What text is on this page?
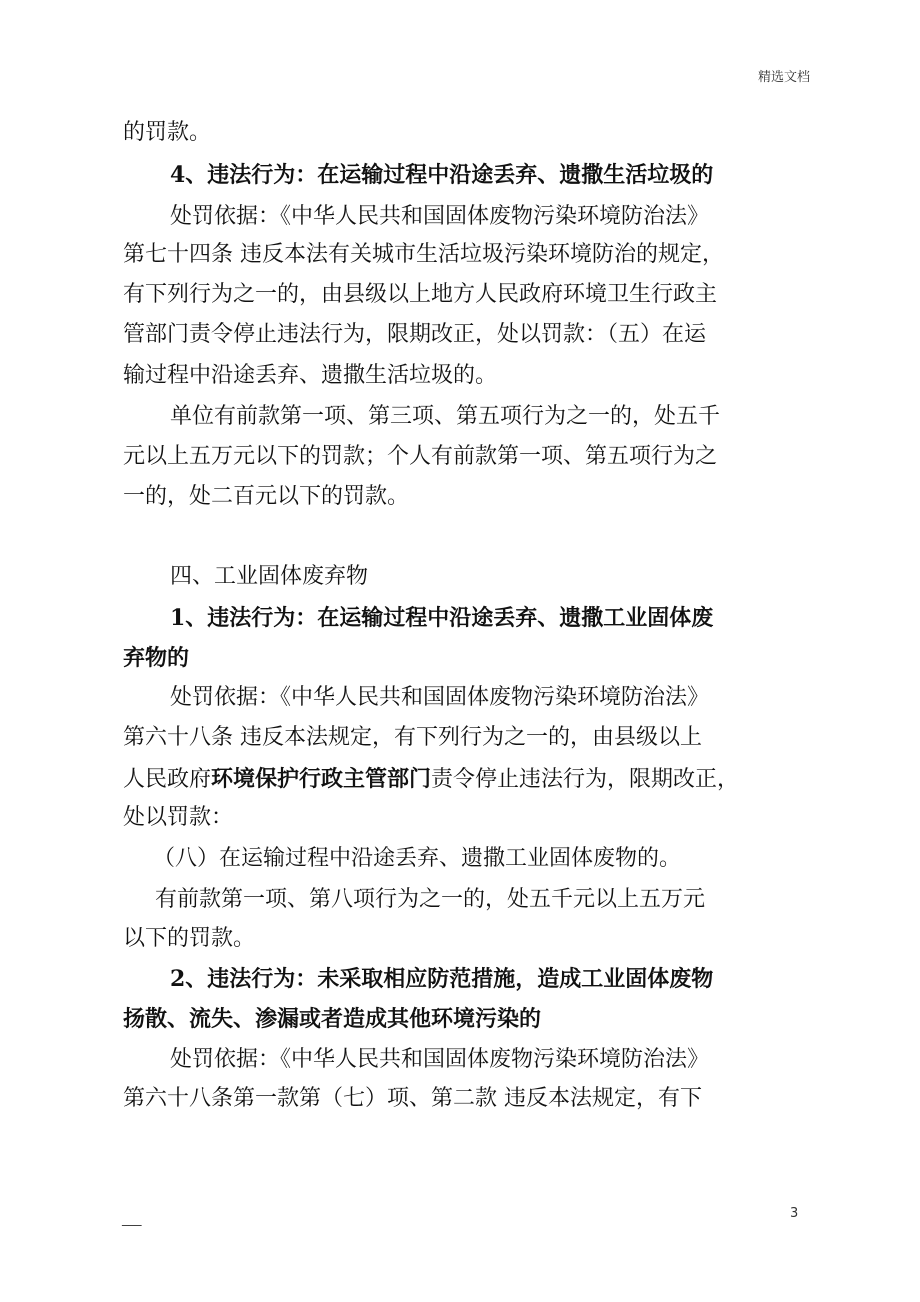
精选文档
的罚款。
4、违法行为：在运输过程中沿途丢弃、遗撒生活垃圾的
处罚依据：《中华人民共和国固体废物污染环境防治法》
第七十四条 违反本法有关城市生活垃圾污染环境防治的规定，
有下列行为之一的，由县级以上地方人民政府环境卫生行政主
管部门责令停止违法行为，限期改正，处以罚款：（五）在运
输过程中沿途丢弃、遗撒生活垃圾的。
单位有前款第一项、第三项、第五项行为之一的，处五千
元以上五万元以下的罚款；个人有前款第一项、第五项行为之
一的，处二百元以下的罚款。
四、工业固体废弃物
1、违法行为：在运输过程中沿途丢弃、遗撒工业固体废
弃物的
处罚依据：《中华人民共和国固体废物污染环境防治法》
第六十八条 违反本法规定，有下列行为之一的，由县级以上
人民政府环境保护行政主管部门责令停止违法行为，限期改正，
处以罚款：
（八）在运输过程中沿途丢弃、遗撒工业固体废物的。
有前款第一项、第八项行为之一的，处五千元以上五万元
以下的罚款。
2、违法行为：未采取相应防范措施，造成工业固体废物
扬散、流失、渗漏或者造成其他环境污染的
处罚依据：《中华人民共和国固体废物污染环境防治法》
第六十八条第一款第（七）项、第二款 违反本法规定，有下
___	3
